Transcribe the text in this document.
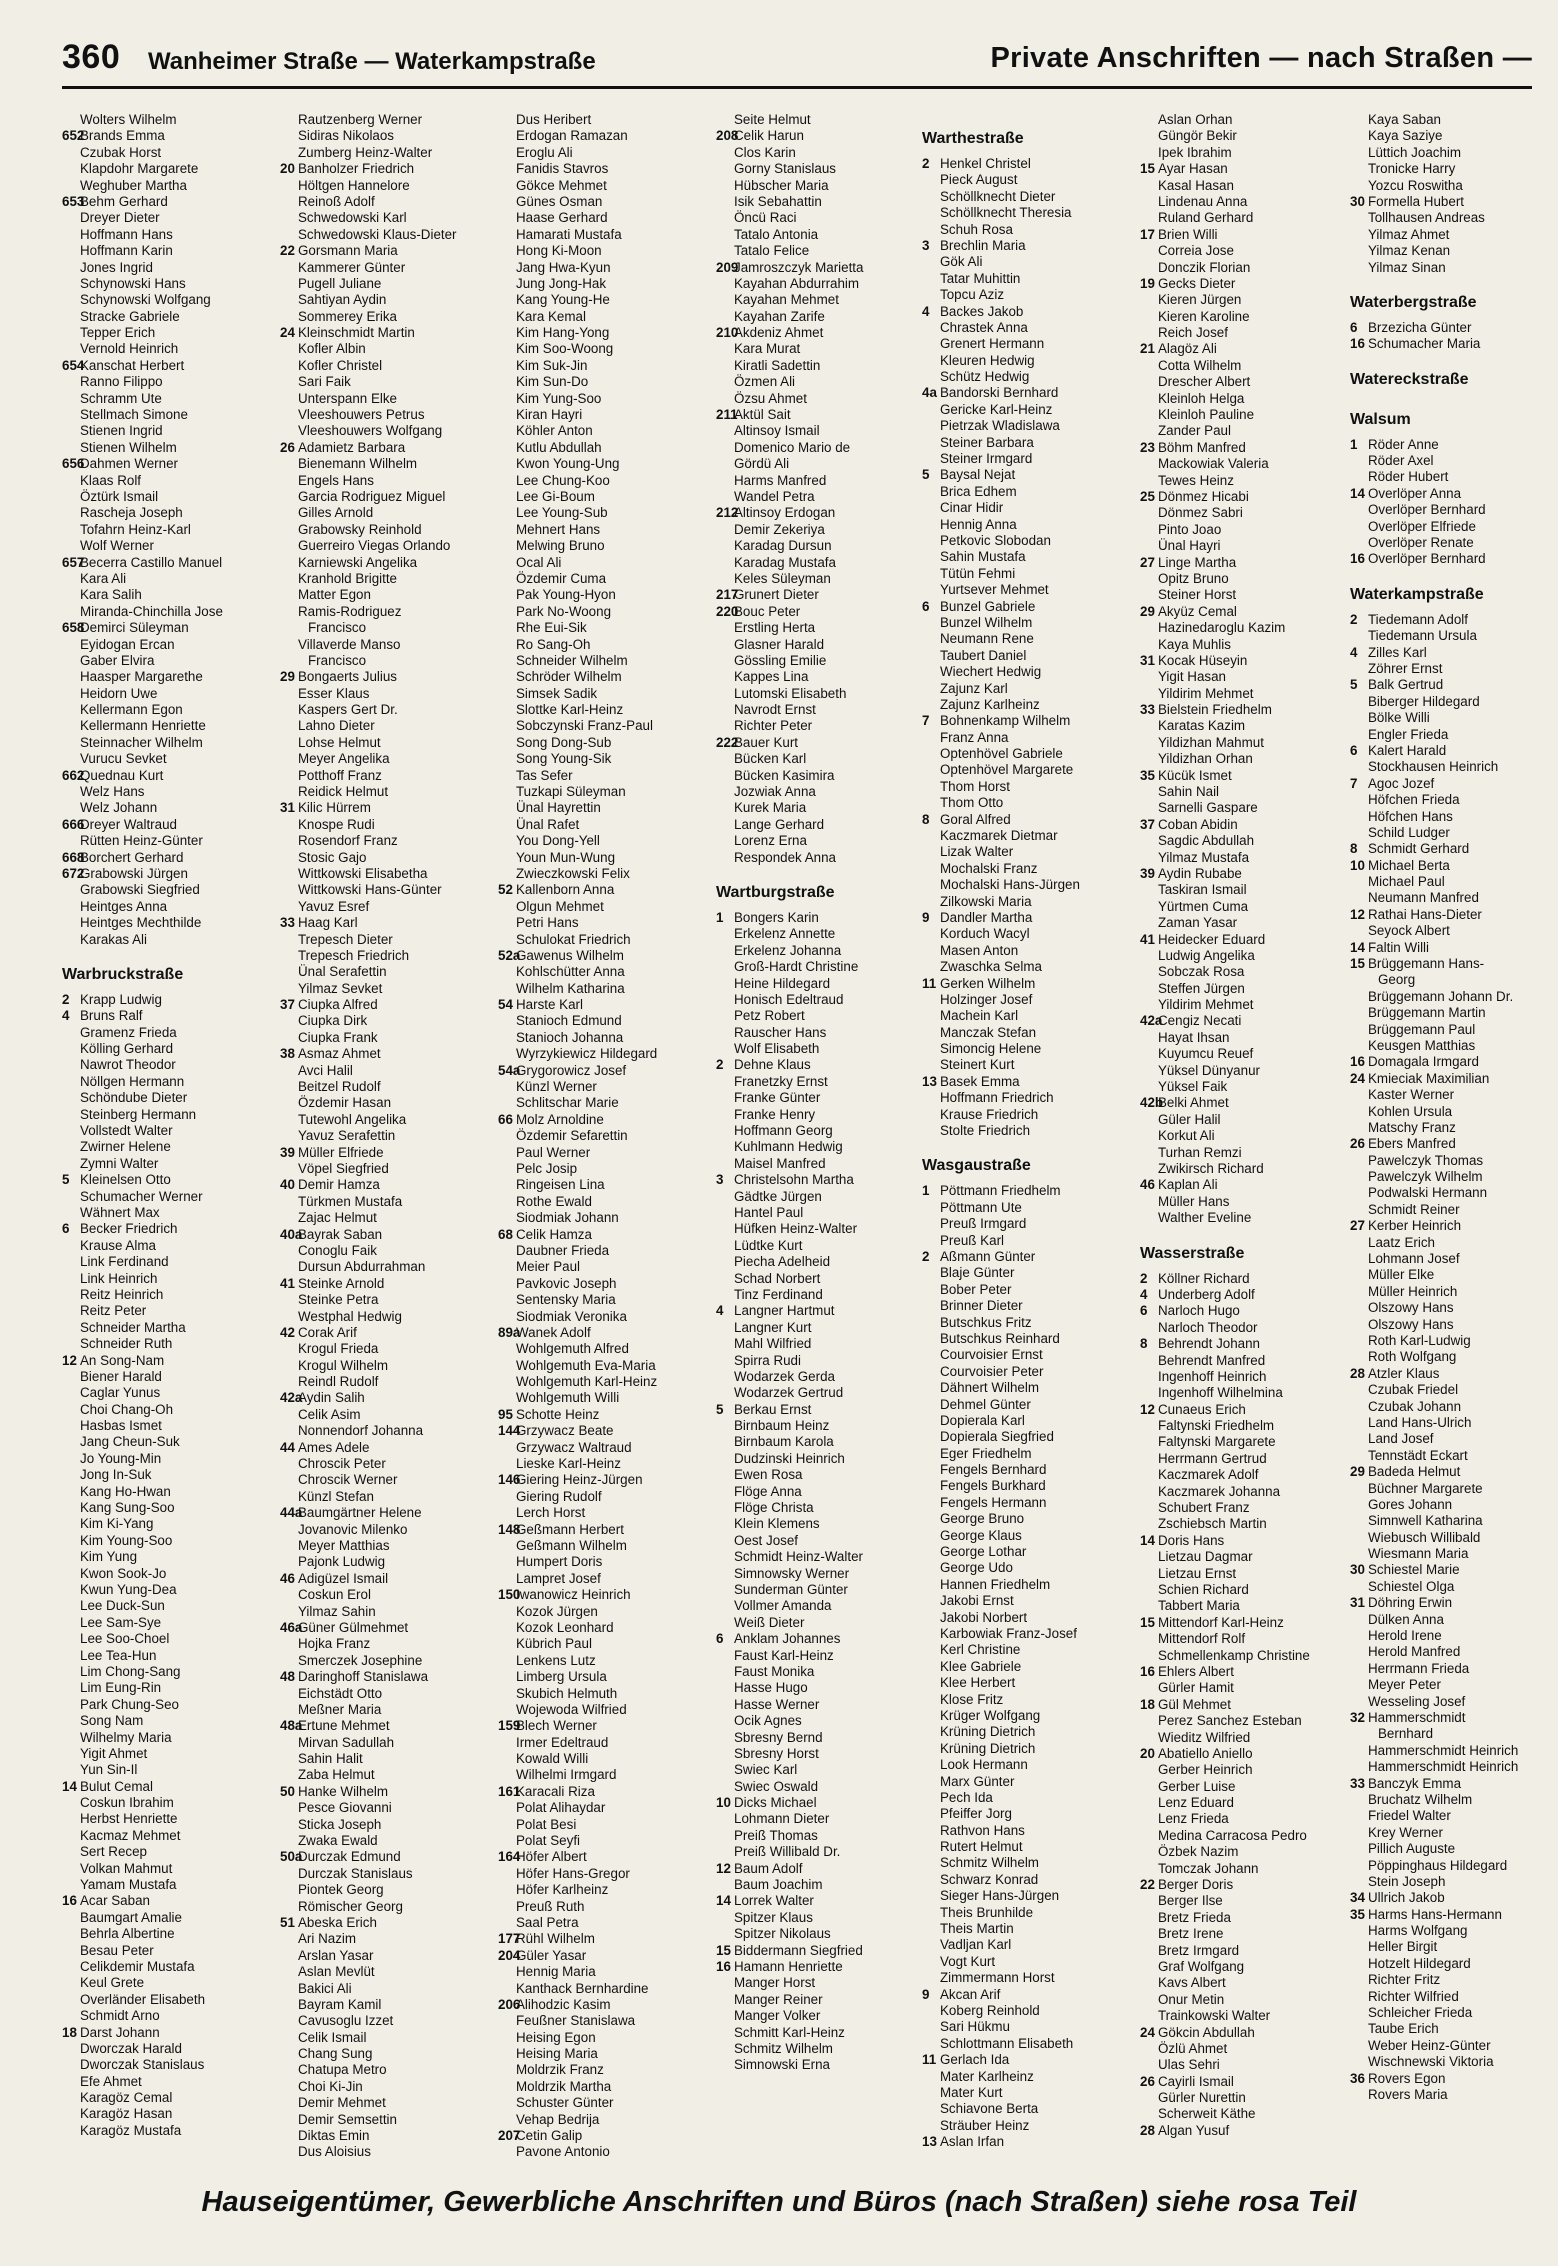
360 Wanheimer Straße — Waterkampstraße	Private Anschriften — nach Straßen —
Wolters Wilhelm
652
Brands Emma
Czubak Horst
Klapdohr Margarete
Weghuber Martha
653
Behm Gerhard
Dreyer Dieter
Hoffmann Hans
Hoffmann Karin
Jones Ingrid
Schynowski Hans
Schynowski Wolfgang
Stracke Gabriele
Tepper Erich
Vernold Heinrich
654
Kanschat Herbert
Ranno Filippo
Schramm Ute
Stellmach Simone
Stienen Ingrid
Stienen Wilhelm
656
Dahmen Werner
Klaas Rolf
Öztürk Ismail
Rascheja Joseph
Tofahrn Heinz-Karl
Wolf Werner
657
Becerra Castillo Manuel
Kara Ali
Kara Salih
Miranda-Chinchilla Jose
658
Demirci Süleyman
Eyidogan Ercan
Gaber Elvira
Haasper Margarethe
Heidorn Uwe
Kellermann Egon
Kellermann Henriette
Steinnacher Wilhelm
Vurucu Sevket
662
Quednau Kurt
Welz Hans
Welz Johann
666
Dreyer Waltraud
Rütten Heinz-Günter
668
Borchert Gerhard
672
Grabowski Jürgen
Grabowski Siegfried
Heintges Anna
Heintges Mechthilde
Karakas Ali
Warbruckstraße
2 Krapp Ludwig
4 Bruns Ralf
Gramenz Frieda
Kölling Gerhard
Nawrot Theodor
Nöllgen Hermann
Schöndube Dieter
Steinberg Hermann
Vollstedt Walter
Zwirner Helene
Zymni Walter
5 Kleinelsen Otto
Schumacher Werner
Wähnert Max
6 Becker Friedrich
Krause Alma
Link Ferdinand
Link Heinrich
Reitz Heinrich
Reitz Peter
Schneider Martha
Schneider Ruth
12 An Song-Nam
Biener Harald
Caglar Yunus
Choi Chang-Oh
Hasbas Ismet
Jang Cheun-Suk
Jo Young-Min
Jong In-Suk
Kang Ho-Hwan
Kang Sung-Soo
Kim Ki-Yang
Kim Young-Soo
Kim Yung
Kwon Sook-Jo
Kwun Yung-Dea
Lee Duck-Sun
Lee Sam-Sye
Lee Soo-Choel
Lee Tea-Hun
Lim Chong-Sang
Lim Eung-Rin
Park Chung-Seo
Song Nam
Wilhelmy Maria
Yigit Ahmet
Yun Sin-Il
14 Bulut Cemal
Coskun Ibrahim
Herbst Henriette
Kacmaz Mehmet
Sert Recep
Volkan Mahmut
Yamam Mustafa
16 Acar Saban
Baumgart Amalie
Behrla Albertine
Besau Peter
Celikdemir Mustafa
Keul Grete
Overländer Elisabeth
Schmidt Arno
18 Darst Johann
Dworczak Harald
Dworczak Stanislaus
Efe Ahmet
Karagöz Cemal
Karagöz Hasan
Karagöz Mustafa
Rautzenberg Werner
Sidiras Nikolaos
Zumberg Heinz-Walter
20 Banholzer Friedrich
Höltgen Hannelore
Reinoß Adolf
Schwedowski Karl
Schwedowski Klaus-Dieter
22 Gorsmann Maria
Kammerer Günter
Pugell Juliane
Sahtiyan Aydin
Sommerey Erika
24 Kleinschmidt Martin
Kofler Albin
Kofler Christel
Sari Faik
Unterspann Elke
Vleeshouwers Petrus
Vleeshouwers Wolfgang
26 Adamietz Barbara
Bienemann Wilhelm
Engels Hans
Garcia Rodriguez Miguel
Gilles Arnold
Grabowsky Reinhold
Guerreiro Viegas Orlando
Karniewski Angelika
Kranhold Brigitte
Matter Egon
Ramis-Rodriguez
Francisco
Villaverde Manso
Francisco
29 Bongaerts Julius
Esser Klaus
Kaspers Gert Dr.
Lahno Dieter
Lohse Helmut
Meyer Angelika
Potthoff Franz
Reidick Helmut
31 Kilic Hürrem
Knospe Rudi
Rosendorf Franz
Stosic Gajo
Wittkowski Elisabetha
Wittkowski Hans-Günter
Yavuz Esref
33 Haag Karl
Trepesch Dieter
Trepesch Friedrich
Ünal Serafettin
Yilmaz Sevket
37 Ciupka Alfred
Ciupka Dirk
Ciupka Frank
38 Asmaz Ahmet
Avci Halil
Beitzel Rudolf
Özdemir Hasan
Tutewohl Angelika
Yavuz Serafettin
39 Müller Elfriede
Vöpel Siegfried
40 Demir Hamza
Türkmen Mustafa
Zajac Helmut
40a
Bayrak Saban
Conoglu Faik
Dursun Abdurrahman
41 Steinke Arnold
Steinke Petra
Westphal Hedwig
42 Corak Arif
Krogul Frieda
Krogul Wilhelm
Reindl Rudolf
42a
Aydin Salih
Celik Asim
Nonnendorf Johanna
44 Ames Adele
Chroscik Peter
Chroscik Werner
Künzl Stefan
44a
Baumgärtner Helene
Jovanovic Milenko
Meyer Matthias
Pajonk Ludwig
46 Adigüzel Ismail
Coskun Erol
Yilmaz Sahin
46a
Güner Gülmehmet
Hojka Franz
Smerczek Josephine
48 Daringhoff Stanislawa
Eichstädt Otto
Meßner Maria
48a
Ertune Mehmet
Mirvan Sadullah
Sahin Halit
Zaba Helmut
50 Hanke Wilhelm
Pesce Giovanni
Sticka Joseph
Zwaka Ewald
50a
Durczak Edmund
Durczak Stanislaus
Piontek Georg
Römischer Georg
51 Abeska Erich
Ari Nazim
Arslan Yasar
Aslan Mevlüt
Bakici Ali
Bayram Kamil
Cavusoglu Izzet
Celik Ismail
Chang Sung
Chatupa Metro
Choi Ki-Jin
Demir Mehmet
Demir Semsettin
Diktas Emin
Dus Aloisius
Dus Heribert
Erdogan Ramazan
Eroglu Ali
Fanidis Stavros
Gökce Mehmet
Günes Osman
Haase Gerhard
Hamarati Mustafa
Hong Ki-Moon
Jang Hwa-Kyun
Jung Jong-Hak
Kang Young-He
Kara Kemal
Kim Hang-Yong
Kim Soo-Woong
Kim Suk-Jin
Kim Sun-Do
Kim Yung-Soo
Kiran Hayri
Köhler Anton
Kutlu Abdullah
Kwon Young-Ung
Lee Chung-Koo
Lee Gi-Boum
Lee Young-Sub
Mehnert Hans
Melwing Bruno
Ocal Ali
Özdemir Cuma
Pak Young-Hyon
Park No-Woong
Rhe Eui-Sik
Ro Sang-Oh
Schneider Wilhelm
Schröder Wilhelm
Simsek Sadik
Slottke Karl-Heinz
Sobczynski Franz-Paul
Song Dong-Sub
Song Young-Sik
Tas Sefer
Tuzkapi Süleyman
Ünal Hayrettin
Ünal Rafet
You Dong-Yell
Youn Mun-Wung
Zwieczkowski Felix
52 Kallenborn Anna
Olgun Mehmet
Petri Hans
Schulokat Friedrich
52a
Gawenus Wilhelm
Kohlschütter Anna
Wilhelm Katharina
54 Harste Karl
Stanioch Edmund
Stanioch Johanna
Wyrzykiewicz Hildegard
54a
Grygorowicz Josef
Künzl Werner
Schlitschar Marie
66 Molz Arnoldine
Özdemir Sefarettin
Paul Werner
Pelc Josip
Ringeisen Lina
Rothe Ewald
Siodmiak Johann
68 Celik Hamza
Daubner Frieda
Meier Paul
Pavkovic Joseph
Sentensky Maria
Siodmiak Veronika
89a
Wanek Adolf
Wohlgemuth Alfred
Wohlgemuth Eva-Maria
Wohlgemuth Karl-Heinz
Wohlgemuth Willi
95 Schotte Heinz
144
Grzywacz Beate
Grzywacz Waltraud
Lieske Karl-Heinz
146
Giering Heinz-Jürgen
Giering Rudolf
Lerch Horst
148
Geßmann Herbert
Geßmann Wilhelm
Humpert Doris
Lampret Josef
150
Iwanowicz Heinrich
Kozok Jürgen
Kozok Leonhard
Kübrich Paul
Lenkens Lutz
Limberg Ursula
Skubich Helmuth
Wojewoda Wilfried
159
Blech Werner
Irmer Edeltraud
Kowald Willi
Wilhelmi Irmgard
161
Karacali Riza
Polat Alihaydar
Polat Besi
Polat Seyfi
164
Höfer Albert
Höfer Hans-Gregor
Höfer Karlheinz
Preuß Ruth
Saal Petra
177
Rühl Wilhelm
204
Güler Yasar
Hennig Maria
Kanthack Bernhardine
206
Alihodzic Kasim
Feußner Stanislawa
Heising Egon
Heising Maria
Moldrzik Franz
Moldrzik Martha
Schuster Günter
Vehap Bedrija
207
Cetin Galip
Pavone Antonio
Seite Helmut
208
Celik Harun
Clos Karin
Gorny Stanislaus
Hübscher Maria
Isik Sebahattin
Öncü Raci
Tatalo Antonia
Tatalo Felice
209
Jamroszczyk Marietta
Kayahan Abdurrahim
Kayahan Mehmet
Kayahan Zarife
210
Akdeniz Ahmet
Kara Murat
Kiratli Sadettin
Özmen Ali
Özsu Ahmet
211
Aktül Sait
Altinsoy Ismail
Domenico Mario de
Gördü Ali
Harms Manfred
Wandel Petra
212
Altinsoy Erdogan
Demir Zekeriya
Karadag Dursun
Karadag Mustafa
Keles Süleyman
217
Grunert Dieter
220
Bouc Peter
Erstling Herta
Glasner Harald
Gössling Emilie
Kappes Lina
Lutomski Elisabeth
Navrodt Ernst
Richter Peter
222
Bauer Kurt
Bücken Karl
Bücken Kasimira
Jozwiak Anna
Kurek Maria
Lange Gerhard
Lorenz Erna
Respondek Anna
Wartburgstraße
1 Bongers Karin
Erkelenz Annette
Erkelenz Johanna
Groß-Hardt Christine
Heine Hildegard
Honisch Edeltraud
Petz Robert
Rauscher Hans
Wolf Elisabeth
2 Dehne Klaus
Franetzky Ernst
Franke Günter
Franke Henry
Hoffmann Georg
Kuhlmann Hedwig
Maisel Manfred
3 Christelsohn Martha
Gädtke Jürgen
Hantel Paul
Hüfken Heinz-Walter
Lüdtke Kurt
Piecha Adelheid
Schad Norbert
Tinz Ferdinand
4 Langner Hartmut
Langner Kurt
Mahl Wilfried
Spirra Rudi
Wodarzek Gerda
Wodarzek Gertrud
5 Berkau Ernst
Birnbaum Heinz
Birnbaum Karola
Dudzinski Heinrich
Ewen Rosa
Flöge Anna
Flöge Christa
Klein Klemens
Oest Josef
Schmidt Heinz-Walter
Simnowsky Werner
Sunderman Günter
Vollmer Amanda
Weiß Dieter
6 Anklam Johannes
Faust Karl-Heinz
Faust Monika
Hasse Hugo
Hasse Werner
Ocik Agnes
Sbresny Bernd
Sbresny Horst
Swiec Karl
Swiec Oswald
10 Dicks Michael
Lohmann Dieter
Preiß Thomas
Preiß Willibald Dr.
12 Baum Adolf
Baum Joachim
14 Lorrek Walter
Spitzer Klaus
Spitzer Nikolaus
15 Biddermann Siegfried
16 Hamann Henriette
Manger Horst
Manger Reiner
Manger Volker
Schmitt Karl-Heinz
Schmitz Wilhelm
Simnowski Erna
Warthestraße
2 Henkel Christel
Pieck August
Schöllknecht Dieter
Schöllknecht Theresia
Schuh Rosa
3 Brechlin Maria
Gök Ali
Tatar Muhittin
Topcu Aziz
4 Backes Jakob
Chrastek Anna
Grenert Hermann
Kleuren Hedwig
Schütz Hedwig
4a Bandorski Bernhard
Gericke Karl-Heinz
Pietrzak Wladislawa
Steiner Barbara
Steiner Irmgard
5 Baysal Nejat
Brica Edhem
Cinar Hidir
Hennig Anna
Petkovic Slobodan
Sahin Mustafa
Tütün Fehmi
Yurtsever Mehmet
6 Bunzel Gabriele
Bunzel Wilhelm
Neumann Rene
Taubert Daniel
Wiechert Hedwig
Zajunz Karl
Zajunz Karlheinz
7 Bohnenkamp Wilhelm
Franz Anna
Optenhövel Gabriele
Optenhövel Margarete
Thom Horst
Thom Otto
8 Goral Alfred
Kaczmarek Dietmar
Lizak Walter
Mochalski Franz
Mochalski Hans-Jürgen
Zilkowski Maria
9 Dandler Martha
Korduch Wacyl
Masen Anton
Zwaschka Selma
11 Gerken Wilhelm
Holzinger Josef
Machein Karl
Manczak Stefan
Simoncig Helene
Steinert Kurt
13 Basek Emma
Hoffmann Friedrich
Krause Friedrich
Stolte Friedrich
Wasgaustraße
1 Pöttmann Friedhelm
Pöttmann Ute
Preuß Irmgard
Preuß Karl
2 Aßmann Günter
Blaje Günter
Bober Peter
Brinner Dieter
Butschkus Fritz
Butschkus Reinhard
Courvoisier Ernst
Courvoisier Peter
Dähnert Wilhelm
Dehmel Günter
Dopierala Karl
Dopierala Siegfried
Eger Friedhelm
Fengels Bernhard
Fengels Burkhard
Fengels Hermann
George Bruno
George Klaus
George Lothar
George Udo
Hannen Friedhelm
Jakobi Ernst
Jakobi Norbert
Karbowiak Franz-Josef
Kerl Christine
Klee Gabriele
Klee Herbert
Klose Fritz
Krüger Wolfgang
Krüning Dietrich
Krüning Dietrich
Look Hermann
Marx Günter
Pech Ida
Pfeiffer Jorg
Rathvon Hans
Rutert Helmut
Schmitz Wilhelm
Schwarz Konrad
Sieger Hans-Jürgen
Theis Brunhilde
Theis Martin
Vadljan Karl
Vogt Kurt
Zimmermann Horst
9 Akcan Arif
Koberg Reinhold
Sari Hükmu
Schlottmann Elisabeth
11 Gerlach Ida
Mater Karlheinz
Mater Kurt
Schiavone Berta
Sträuber Heinz
13 Aslan Irfan
Aslan Orhan
Güngör Bekir
Ipek Ibrahim
15 Ayar Hasan
Kasal Hasan
Lindenau Anna
Ruland Gerhard
17 Brien Willi
Correia Jose
Donczik Florian
19 Gecks Dieter
Kieren Jürgen
Kieren Karoline
Reich Josef
21 Alagöz Ali
Cotta Wilhelm
Drescher Albert
Kleinloh Helga
Kleinloh Pauline
Zander Paul
23 Böhm Manfred
Mackowiak Valeria
Tewes Heinz
25 Dönmez Hicabi
Dönmez Sabri
Pinto Joao
Ünal Hayri
27 Linge Martha
Opitz Bruno
Steiner Horst
29 Akyüz Cemal
Hazinedaroglu Kazim
Kaya Muhlis
31 Kocak Hüseyin
Yigit Hasan
Yildirim Mehmet
33 Bielstein Friedhelm
Karatas Kazim
Yildizhan Mahmut
Yildizhan Orhan
35 Kücük Ismet
Sahin Nail
Sarnelli Gaspare
37 Coban Abidin
Sagdic Abdullah
Yilmaz Mustafa
39 Aydin Rubabe
Taskiran Ismail
Yürtmen Cuma
Zaman Yasar
41 Heidecker Eduard
Ludwig Angelika
Sobczak Rosa
Steffen Jürgen
Yildirim Mehmet
42a
Cengiz Necati
Hayat Ihsan
Kuyumcu Reuef
Yüksel Dünyanur
Yüksel Faik
42b
Belki Ahmet
Güler Halil
Korkut Ali
Turhan Remzi
Zwikirsch Richard
46 Kaplan Ali
Müller Hans
Walther Eveline
Wasserstraße
2 Köllner Richard
4 Underberg Adolf
6 Narloch Hugo
Narloch Theodor
8 Behrendt Johann
Behrendt Manfred
Ingenhoff Heinrich
Ingenhoff Wilhelmina
12 Cunaeus Erich
Faltynski Friedhelm
Faltynski Margarete
Herrmann Gertrud
Kaczmarek Adolf
Kaczmarek Johanna
Schubert Franz
Zschiebsch Martin
14 Doris Hans
Lietzau Dagmar
Lietzau Ernst
Schien Richard
Tabbert Maria
15 Mittendorf Karl-Heinz
Mittendorf Rolf
Schmellenkamp Christine
16 Ehlers Albert
Gürler Hamit
18 Gül Mehmet
Perez Sanchez Esteban
Wieditz Wilfried
20 Abatiello Aniello
Gerber Heinrich
Gerber Luise
Lenz Eduard
Lenz Frieda
Medina Carracosa Pedro
Özbek Nazim
Tomczak Johann
22 Berger Doris
Berger Ilse
Bretz Frieda
Bretz Irene
Bretz Irmgard
Graf Wolfgang
Kavs Albert
Onur Metin
Trainkowski Walter
24 Gökcin Abdullah
Özlü Ahmet
Ulas Sehri
26 Cayirli Ismail
Gürler Nurettin
Scherweit Käthe
28 Algan Yusuf
Kaya Saban
Kaya Saziye
Lüttich Joachim
Tronicke Harry
Yozcu Roswitha
30 Formella Hubert
Tollhausen Andreas
Yilmaz Ahmet
Yilmaz Kenan
Yilmaz Sinan
Waterbergstraße
6 Brzezicha Günter
16 Schumacher Maria
Watereckstraße
Walsum
1 Röder Anne
Röder Axel
Röder Hubert
14 Overlöper Anna
Overlöper Bernhard
Overlöper Elfriede
Overlöper Renate
16 Overlöper Bernhard
Waterkampstraße
2 Tiedemann Adolf
Tiedemann Ursula
4 Zilles Karl
Zöhrer Ernst
5 Balk Gertrud
Biberger Hildegard
Bölke Willi
Engler Frieda
6 Kalert Harald
Stockhausen Heinrich
7 Agoc Jozef
Höfchen Frieda
Höfchen Hans
Schild Ludger
8 Schmidt Gerhard
10 Michael Berta
Michael Paul
Neumann Manfred
12 Rathai Hans-Dieter
Seyock Albert
14 Faltin Willi
15 Brüggemann Hans-
Georg
Brüggemann Johann Dr.
Brüggemann Martin
Brüggemann Paul
Keusgen Matthias
16 Domagala Irmgard
24 Kmieciak Maximilian
Kaster Werner
Kohlen Ursula
Matschy Franz
26 Ebers Manfred
Pawelczyk Thomas
Pawelczyk Wilhelm
Podwalski Hermann
Schmidt Reiner
27 Kerber Heinrich
Laatz Erich
Lohmann Josef
Müller Elke
Müller Heinrich
Olszowy Hans
Olszowy Hans
Roth Karl-Ludwig
Roth Wolfgang
28 Atzler Klaus
Czubak Friedel
Czubak Johann
Land Hans-Ulrich
Land Josef
Tennstädt Eckart
29 Badeda Helmut
Büchner Margarete
Gores Johann
Simnwell Katharina
Wiebusch Willibald
Wiesmann Maria
30 Schiestel Marie
Schiestel Olga
31 Döhring Erwin
Dülken Anna
Herold Irene
Herold Manfred
Herrmann Frieda
Meyer Peter
Wesseling Josef
32 Hammerschmidt
Bernhard
Hammerschmidt Heinrich
Hammerschmidt Heinrich
33 Banczyk Emma
Bruchatz Wilhelm
Friedel Walter
Krey Werner
Pillich Auguste
Pöppinghaus Hildegard
Stein Joseph
34 Ullrich Jakob
35 Harms Hans-Hermann
Harms Wolfgang
Heller Birgit
Hotzelt Hildegard
Richter Fritz
Richter Wilfried
Schleicher Frieda
Taube Erich
Weber Heinz-Günter
Wischnewski Viktoria
36 Rovers Egon
Rovers Maria
Hauseigentümer, Gewerbliche Anschriften und Büros (nach Straßen) siehe rosa Teil
